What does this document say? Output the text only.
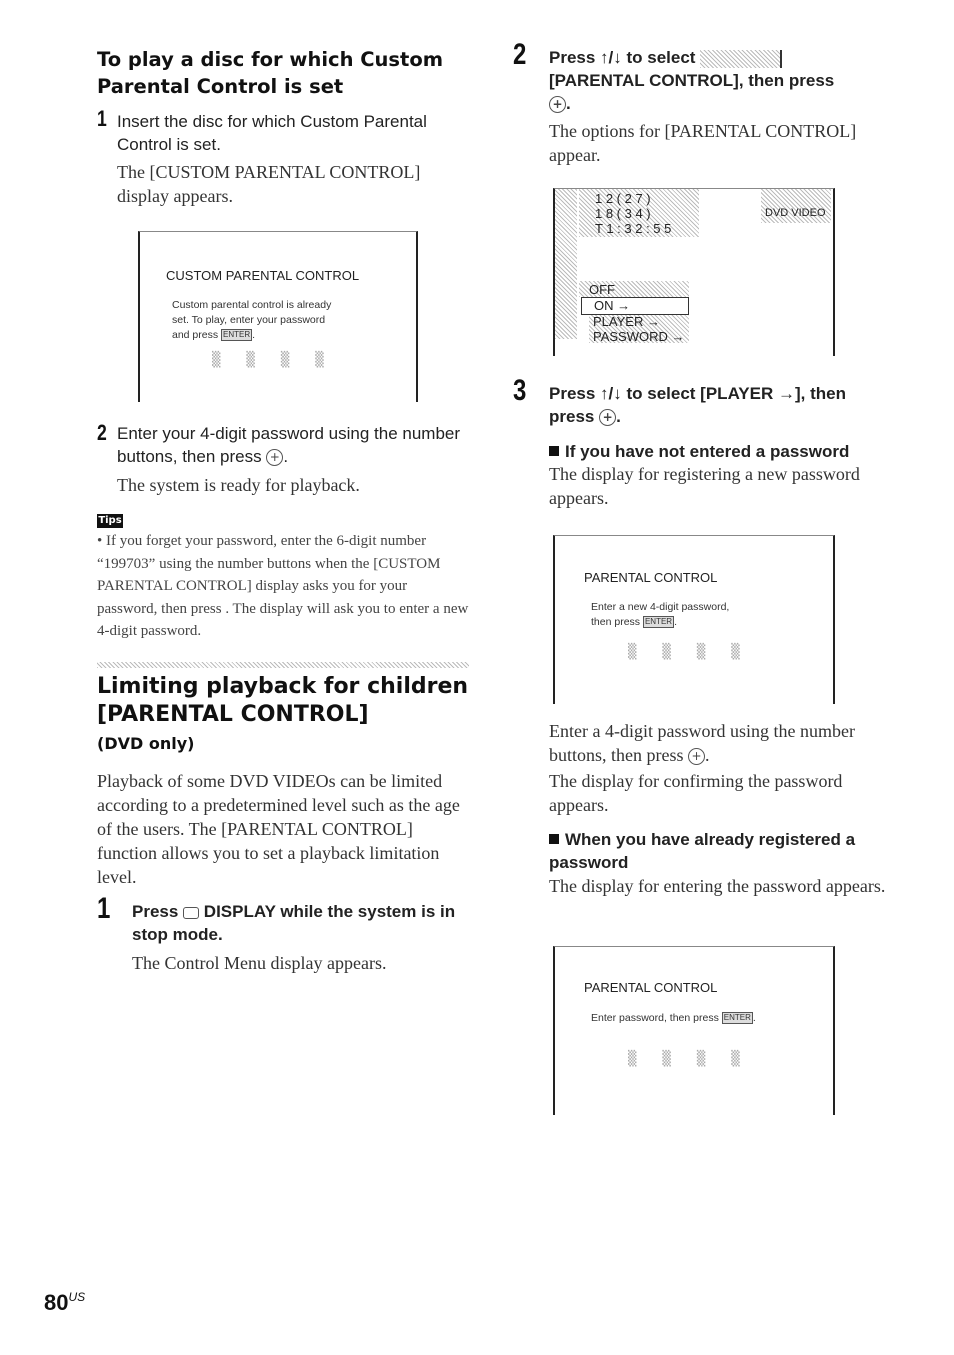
To play a disc for which Custom Parental Control is set
1 Insert the disc for which Custom Parental Control is set.
The [CUSTOM PARENTAL CONTROL] display appears.
CUSTOM PARENTAL CONTROL
Custom parental control is already
set. To play, enter your password
and press ENTER .
▒▒▒▒
2 Enter your 4-digit password using the number buttons, then press + .
The system is ready for playback.
Tips
• If you forget your password, enter the 6-digit number “199703” using the number buttons when the [CUSTOM PARENTAL CONTROL] display asks you for your password, then press . The display will ask you to enter a new 4-digit password.
Limiting playback for children
[PARENTAL CONTROL]
(DVD only)
Playback of some DVD VIDEOs can be limited according to a predetermined level such as the age of the users. The [PARENTAL CONTROL] function allows you to set a playback limitation level.
1 Press DISPLAY while the system is in stop mode.
The Control Menu display appears.
2 Press ↑/↓ to select
[PARENTAL CONTROL], then press
+ .
The options for [PARENTAL CONTROL] appear.
1 2 ( 2 7 )
1 8 ( 3 4 )
T 1 : 3 2 : 5 5
DVD VIDEO
OFF
ON →
PLAYER →
PASSWORD →
3 Press ↑/↓ to select [PLAYER →], then
press + .
If you have not entered a password
The display for registering a new password appears.
PARENTAL CONTROL
Enter a new 4-digit password,
then press ENTER .
▒▒▒▒
Enter a 4-digit password using the number buttons, then press + .
The display for confirming the password appears.
When you have already registered a
password
The display for entering the password appears.
PARENTAL CONTROL
Enter password, then press ENTER .
▒▒▒▒
$80^{US}$
